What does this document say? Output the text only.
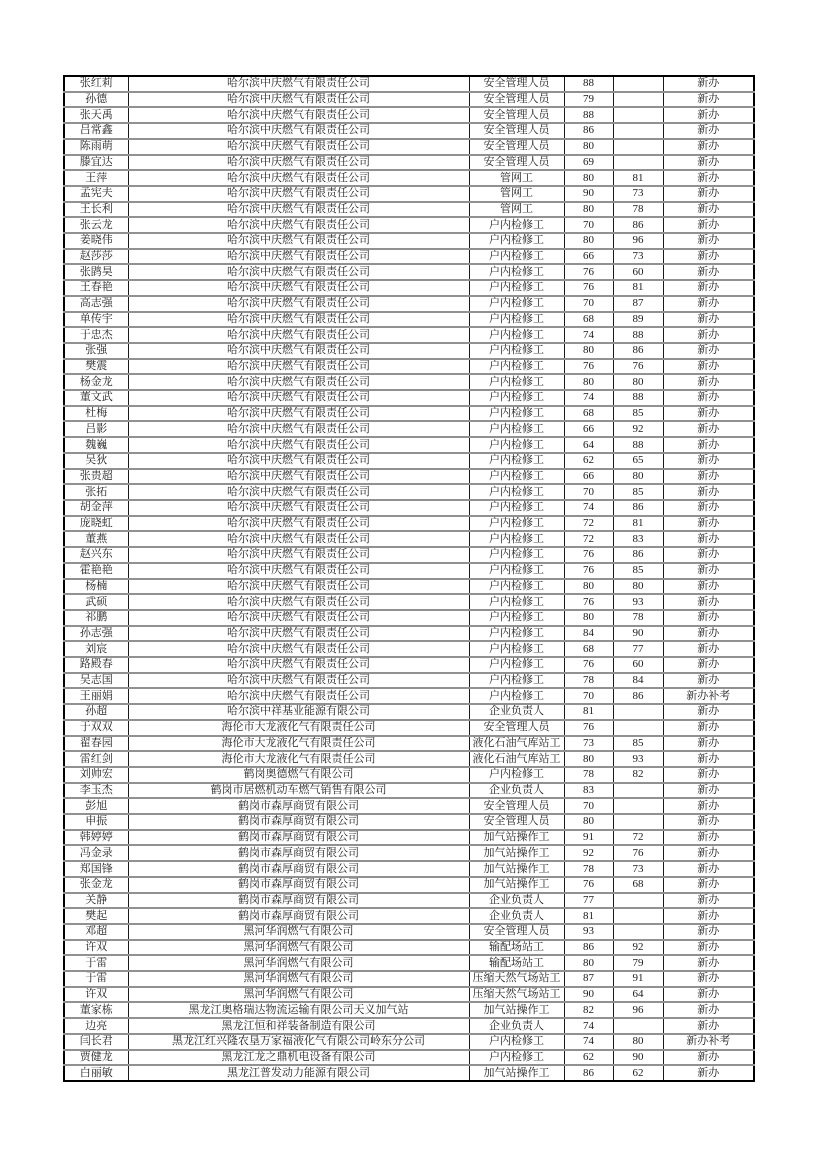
张红莉	哈尔滨中庆燃气有限责任公司	安全管理人员	88		新办
孙德	哈尔滨中庆燃气有限责任公司	安全管理人员	79		新办
张天禹	哈尔滨中庆燃气有限责任公司	安全管理人员	88		新办
吕常鑫	哈尔滨中庆燃气有限责任公司	安全管理人员	86		新办
陈雨萌	哈尔滨中庆燃气有限责任公司	安全管理人员	80		新办
滕宜达	哈尔滨中庆燃气有限责任公司	安全管理人员	69		新办
王萍	哈尔滨中庆燃气有限责任公司	管网工	80	81	新办
孟宪夫	哈尔滨中庆燃气有限责任公司	管网工	90	73	新办
王长利	哈尔滨中庆燃气有限责任公司	管网工	80	78	新办
张云龙	哈尔滨中庆燃气有限责任公司	户内检修工	70	86	新办
姜晓伟	哈尔滨中庆燃气有限责任公司	户内检修工	80	96	新办
赵莎莎	哈尔滨中庆燃气有限责任公司	户内检修工	66	73	新办
张鹍昊	哈尔滨中庆燃气有限责任公司	户内检修工	76	60	新办
王春艳	哈尔滨中庆燃气有限责任公司	户内检修工	76	81	新办
高志强	哈尔滨中庆燃气有限责任公司	户内检修工	70	87	新办
单传宇	哈尔滨中庆燃气有限责任公司	户内检修工	68	89	新办
于忠杰	哈尔滨中庆燃气有限责任公司	户内检修工	74	88	新办
张强	哈尔滨中庆燃气有限责任公司	户内检修工	80	86	新办
樊震	哈尔滨中庆燃气有限责任公司	户内检修工	76	76	新办
杨金龙	哈尔滨中庆燃气有限责任公司	户内检修工	80	80	新办
董文武	哈尔滨中庆燃气有限责任公司	户内检修工	74	88	新办
杜梅	哈尔滨中庆燃气有限责任公司	户内检修工	68	85	新办
吕影	哈尔滨中庆燃气有限责任公司	户内检修工	66	92	新办
魏巍	哈尔滨中庆燃气有限责任公司	户内检修工	64	88	新办
吴狄	哈尔滨中庆燃气有限责任公司	户内检修工	62	65	新办
张贵超	哈尔滨中庆燃气有限责任公司	户内检修工	66	80	新办
张拓	哈尔滨中庆燃气有限责任公司	户内检修工	70	85	新办
胡金萍	哈尔滨中庆燃气有限责任公司	户内检修工	74	86	新办
庞晓虹	哈尔滨中庆燃气有限责任公司	户内检修工	72	81	新办
董燕	哈尔滨中庆燃气有限责任公司	户内检修工	72	83	新办
赵兴东	哈尔滨中庆燃气有限责任公司	户内检修工	76	86	新办
霍艳艳	哈尔滨中庆燃气有限责任公司	户内检修工	76	85	新办
杨楠	哈尔滨中庆燃气有限责任公司	户内检修工	80	80	新办
武硕	哈尔滨中庆燃气有限责任公司	户内检修工	76	93	新办
祁鹏	哈尔滨中庆燃气有限责任公司	户内检修工	80	78	新办
孙志强	哈尔滨中庆燃气有限责任公司	户内检修工	84	90	新办
刘宸	哈尔滨中庆燃气有限责任公司	户内检修工	68	77	新办
路殿春	哈尔滨中庆燃气有限责任公司	户内检修工	76	60	新办
吴志国	哈尔滨中庆燃气有限责任公司	户内检修工	78	84	新办
王丽娟	哈尔滨中庆燃气有限责任公司	户内检修工	70	86	新办补考
孙超	哈尔滨中祥基业能源有限公司	企业负责人	81		新办
于双双	海伦市大龙液化气有限责任公司	安全管理人员	76		新办
翟春园	海伦市大龙液化气有限责任公司	液化石油气库站工	73	85	新办
雷红剑	海伦市大龙液化气有限责任公司	液化石油气库站工	80	93	新办
刘帅宏	鹤岗奥德燃气有限公司	户内检修工	78	82	新办
李玉杰	鹤岗市居燃机动车燃气销售有限公司	企业负责人	83		新办
彭旭	鹤岗市森厚商贸有限公司	安全管理人员	70		新办
申振	鹤岗市森厚商贸有限公司	安全管理人员	80		新办
韩婷婷	鹤岗市森厚商贸有限公司	加气站操作工	91	72	新办
冯金录	鹤岗市森厚商贸有限公司	加气站操作工	92	76	新办
郑国锋	鹤岗市森厚商贸有限公司	加气站操作工	78	73	新办
张金龙	鹤岗市森厚商贸有限公司	加气站操作工	76	68	新办
关静	鹤岗市森厚商贸有限公司	企业负责人	77		新办
樊起	鹤岗市森厚商贸有限公司	企业负责人	81		新办
邓超	黑河华润燃气有限公司	安全管理人员	93		新办
许双	黑河华润燃气有限公司	输配场站工	86	92	新办
于雷	黑河华润燃气有限公司	输配场站工	80	79	新办
于雷	黑河华润燃气有限公司	压缩天然气场站工	87	91	新办
许双	黑河华润燃气有限公司	压缩天然气场站工	90	64	新办
董家栋	黑龙江奥格瑞达物流运输有限公司天义加气站	加气站操作工	82	96	新办
边亮	黑龙江恒和祥装备制造有限公司	企业负责人	74		新办
闫长君	黑龙江红兴隆农垦万家福液化气有限公司岭东分公司	户内检修工	74	80	新办补考
贾健龙	黑龙江龙之鼎机电设备有限公司	户内检修工	62	90	新办
白丽敏	黑龙江普发动力能源有限公司	加气站操作工	86	62	新办
